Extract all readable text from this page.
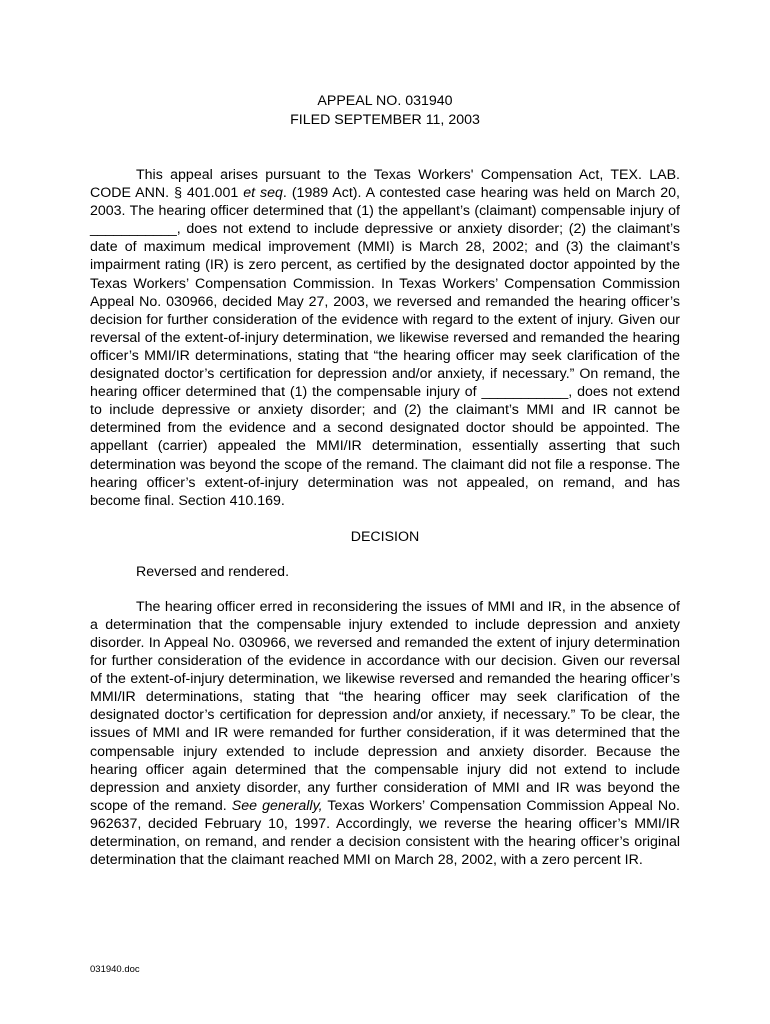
APPEAL NO. 031940
FILED SEPTEMBER 11, 2003

This appeal arises pursuant to the Texas Workers' Compensation Act, TEX. LAB. CODE ANN. § 401.001 et seq. (1989 Act). A contested case hearing was held on March 20, 2003. The hearing officer determined that (1) the appellant’s (claimant) compensable injury of ___________, does not extend to include depressive or anxiety disorder; (2) the claimant’s date of maximum medical improvement (MMI) is March 28, 2002; and (3) the claimant’s impairment rating (IR) is zero percent, as certified by the designated doctor appointed by the Texas Workers’ Compensation Commission. In Texas Workers’ Compensation Commission Appeal No. 030966, decided May 27, 2003, we reversed and remanded the hearing officer’s decision for further consideration of the evidence with regard to the extent of injury. Given our reversal of the extent-of-injury determination, we likewise reversed and remanded the hearing officer’s MMI/IR determinations, stating that “the hearing officer may seek clarification of the designated doctor’s certification for depression and/or anxiety, if necessary.” On remand, the hearing officer determined that (1) the compensable injury of ___________, does not extend to include depressive or anxiety disorder; and (2) the claimant’s MMI and IR cannot be determined from the evidence and a second designated doctor should be appointed. The appellant (carrier) appealed the MMI/IR determination, essentially asserting that such determination was beyond the scope of the remand. The claimant did not file a response. The hearing officer’s extent-of-injury determination was not appealed, on remand, and has become final. Section 410.169.

DECISION

Reversed and rendered.

The hearing officer erred in reconsidering the issues of MMI and IR, in the absence of a determination that the compensable injury extended to include depression and anxiety disorder. In Appeal No. 030966, we reversed and remanded the extent of injury determination for further consideration of the evidence in accordance with our decision. Given our reversal of the extent-of-injury determination, we likewise reversed and remanded the hearing officer’s MMI/IR determinations, stating that “the hearing officer may seek clarification of the designated doctor’s certification for depression and/or anxiety, if necessary.” To be clear, the issues of MMI and IR were remanded for further consideration, if it was determined that the compensable injury extended to include depression and anxiety disorder. Because the hearing officer again determined that the compensable injury did not extend to include depression and anxiety disorder, any further consideration of MMI and IR was beyond the scope of the remand. See generally, Texas Workers’ Compensation Commission Appeal No. 962637, decided February 10, 1997. Accordingly, we reverse the hearing officer’s MMI/IR determination, on remand, and render a decision consistent with the hearing officer’s original determination that the claimant reached MMI on March 28, 2002, with a zero percent IR.

031940.doc
